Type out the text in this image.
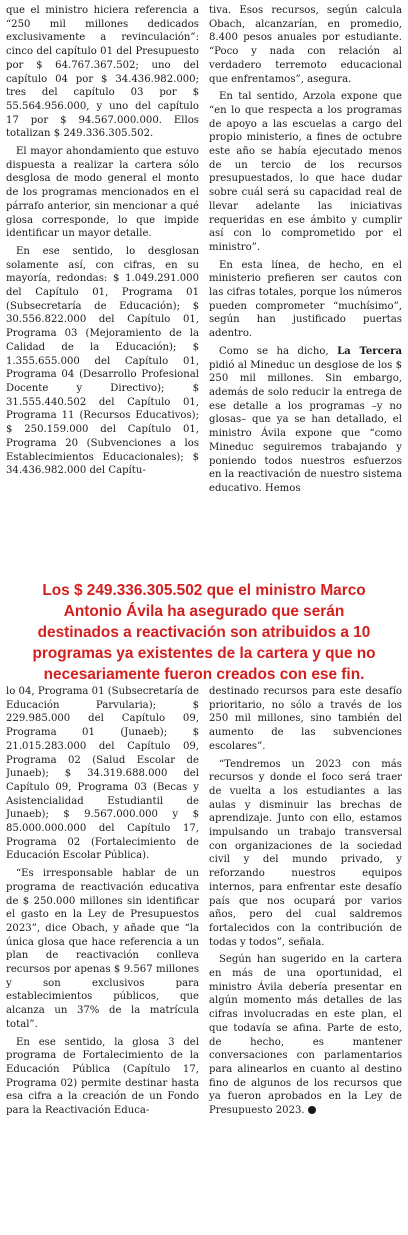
que el ministro hiciera referencia a “250 mil millones dedicados exclusivamente a revinculación”: cinco del capítulo 01 del Presupuesto por $ 64.767.367.502; uno del capítulo 04 por $ 34.436.982.000; tres del capítulo 03 por $ 55.564.956.000, y uno del capítulo 17 por $ 94.567.000.000. Ellos totalizan $ 249.336.305.502.

El mayor ahondamiento que estuvo dispuesta a realizar la cartera sólo desglosa de modo general el monto de los programas mencionados en el párrafo anterior, sin mencionar a qué glosa corresponde, lo que impide identificar un mayor detalle.

En ese sentido, lo desglosan solamente así, con cifras, en su mayoría, redondas: $ 1.049.291.000 del Capítulo 01, Programa 01 (Subsecretaría de Educación); $ 30.556.822.000 del Capítulo 01, Programa 03 (Mejoramiento de la Calidad de la Educación); $ 1.355.655.000 del Capítulo 01, Programa 04 (Desarrollo Profesional Docente y Directivo); $ 31.555.440.502 del Capítulo 01, Programa 11 (Recursos Educativos); $ 250.159.000 del Capítulo 01, Programa 20 (Subvenciones a los Establecimientos Educacionales); $ 34.436.982.000 del Capítu-

tiva. Esos recursos, según calcula Obach, alcanzarían, en promedio, 8.400 pesos anuales por estudiante. “Poco y nada con relación al verdadero terremoto educacional que enfrentamos”, asegura.

En tal sentido, Arzola expone que “en lo que respecta a los programas de apoyo a las escuelas a cargo del propio ministerio, a fines de octubre este año se había ejecutado menos de un tercio de los recursos presupuestados, lo que hace dudar sobre cuál será su capacidad real de llevar adelante las iniciativas requeridas en ese ámbito y cumplir así con lo comprometido por el ministro”.

En esta línea, de hecho, en el ministerio prefieren ser cautos con las cifras totales, porque los números pueden comprometer “muchísimo”, según han justificado puertas adentro.

Como se ha dicho, La Tercera pidió al Mineduc un desglose de los $ 250 mil millones. Sin embargo, además de solo reducir la entrega de ese detalle a los programas –y no glosas– que ya se han detallado, el ministro Ávila expone que “como Mineduc seguiremos trabajando y poniendo todos nuestros esfuerzos en la reactivación de nuestro sistema educativo. Hemos

Los $ 249.336.305.502 que el ministro Marco
Antonio Ávila ha asegurado que serán
destinados a reactivación son atribuidos a 10
programas ya existentes de la cartera y que no
necesariamente fueron creados con ese fin.

lo 04, Programa 01 (Subsecretaría de Educación Parvularia); $ 229.985.000 del Capítulo 09, Programa 01 (Junaeb); $ 21.015.283.000 del Capítulo 09, Programa 02 (Salud Escolar de Junaeb); $ 34.319.688.000 del Capítulo 09, Programa 03 (Becas y Asistencialidad Estudiantil de Junaeb); $ 9.567.000.000 y $ 85.000.000.000 del Capítulo 17, Programa 02 (Fortalecimiento de Educación Escolar Pública).

“Es irresponsable hablar de un programa de reactivación educativa de $ 250.000 millones sin identificar el gasto en la Ley de Presupuestos 2023”, dice Obach, y añade que “la única glosa que hace referencia a un plan de reactivación conlleva recursos por apenas $ 9.567 millones y son exclusivos para establecimientos públicos, que alcanza un 37% de la matrícula total”.

En ese sentido, la glosa 3 del programa de Fortalecimiento de la Educación Pública (Capítulo 17, Programa 02) permite destinar hasta esa cifra a la creación de un Fondo para la Reactivación Educa-

destinado recursos para este desafío prioritario, no sólo a través de los 250 mil millones, sino también del aumento de las subvenciones escolares”.

“Tendremos un 2023 con más recursos y donde el foco será traer de vuelta a los estudiantes a las aulas y disminuir las brechas de aprendizaje. Junto con ello, estamos impulsando un trabajo transversal con organizaciones de la sociedad civil y del mundo privado, y reforzando nuestros equipos internos, para enfrentar este desafío país que nos ocupará por varios años, pero del cual saldremos fortalecidos con la contribución de todas y todos”, señala.

Según han sugerido en la cartera en más de una oportunidad, el ministro Ávila debería presentar en algún momento más detalles de las cifras involucradas en este plan, el que todavía se afina. Parte de esto, de hecho, es mantener conversaciones con parlamentarios para alinearlos en cuanto al destino fino de algunos de los recursos que ya fueron aprobados en la Ley de Presupuesto 2023.
